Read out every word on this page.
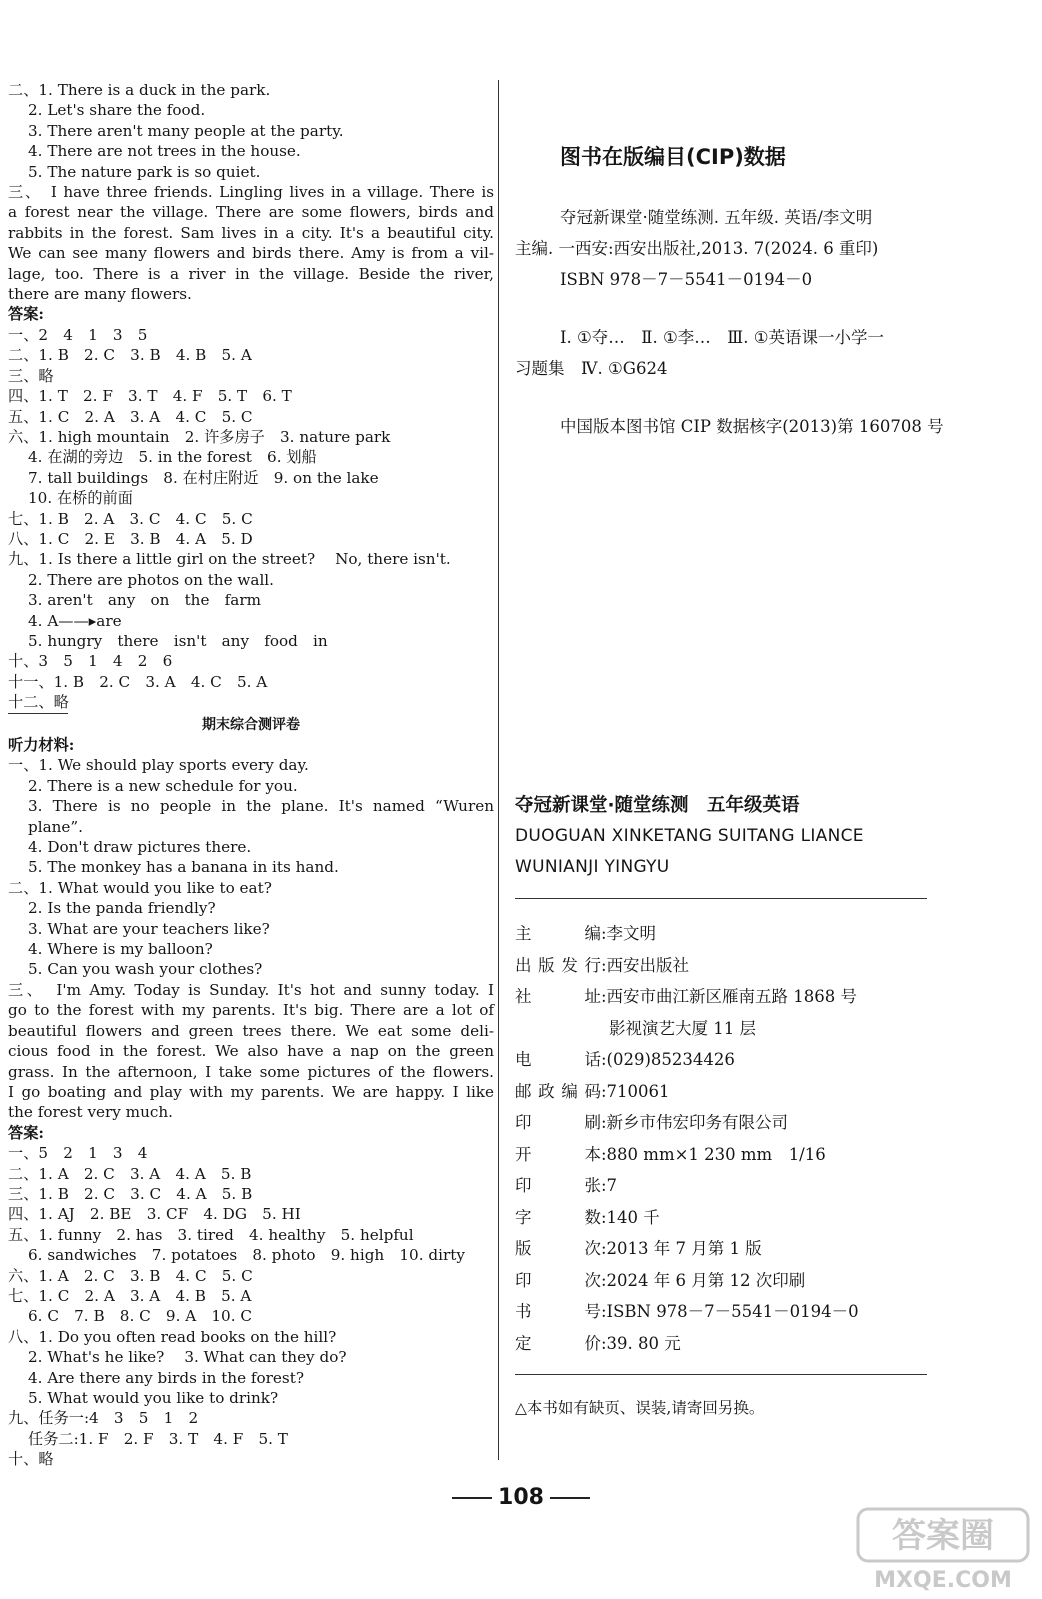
二、1. There is a duck in the park.
2. Let's share the food.
3. There aren't many people at the party.
4. There are not trees in the house.
5. The nature park is so quiet.
三、　I have three friends. Lingling lives in a village. There is
a forest near the village. There are some flowers, birds and
rabbits in the forest. Sam lives in a city. It's a beautiful city.
We can see many flowers and birds there. Amy is from a vil-
lage, too. There is a river in the village. Beside the river,
there are many flowers.
答案:
一、2　4　1　3　5
二、1. B　2. C　3. B　4. B　5. A
三、略
四、1. T　2. F　3. T　4. F　5. T　6. T
五、1. C　2. A　3. A　4. C　5. C
六、1. high mountain　2. 许多房子　3. nature park
4. 在湖的旁边　5. in the forest　6. 划船
7. tall buildings　8. 在村庄附近　9. on the lake
10. 在桥的前面
七、1. B　2. A　3. C　4. C　5. C
八、1. C　2. E　3. B　4. A　5. D
九、1. Is there a little girl on the street?　 No, there isn't.
2. There are photos on the wall.
3. aren't　any　on　the　farm
4. A——▸are
5. hungry　there　isn't　any　food　in
十、3　5　1　4　2　6
十一、1. B　2. C　3. A　4. C　5. A
十二、略
期末综合测评卷
听力材料:
一、1. We should play sports every day.
2. There is a new schedule for you.
3. There is no people in the plane. It's named “Wuren
plane”.
4. Don't draw pictures there.
5. The monkey has a banana in its hand.
二、1. What would you like to eat?
2. Is the panda friendly?
3. What are your teachers like?
4. Where is my balloon?
5. Can you wash your clothes?
三、　I'm Amy. Today is Sunday. It's hot and sunny today. I
go to the forest with my parents. It's big. There are a lot of
beautiful flowers and green trees there. We eat some deli-
cious food in the forest. We also have a nap on the green
grass. In the afternoon, I take some pictures of the flowers.
I go boating and play with my parents. We are happy. I like
the forest very much.
答案:
一、5　2　1　3　4
二、1. A　2. C　3. A　4. A　5. B
三、1. B　2. C　3. C　4. A　5. B
四、1. AJ　2. BE　3. CF　4. DG　5. HI
五、1. funny　2. has　3. tired　4. healthy　5. helpful
6. sandwiches　7. potatoes　8. photo　9. high　10. dirty
六、1. A　2. C　3. B　4. C　5. C
七、1. C　2. A　3. A　4. B　5. A
6. C　7. B　8. C　9. A　10. C
八、1. Do you often read books on the hill?
2. What's he like?　 3. What can they do?
4. Are there any birds in the forest?
5. What would you like to drink?
九、任务一:4　3　5　1　2
任务二:1. F　2. F　3. T　4. F　5. T
十、略
图书在版编目(CIP)数据
夺冠新课堂·随堂练测. 五年级. 英语/李文明
主编. 一西安:西安出版社,2013. 7(2024. 6 重印)
ISBN 978－7－5541－0194－0
Ⅰ. ①夺…　Ⅱ. ①李…　Ⅲ. ①英语课一小学一
习题集　Ⅳ. ①G624
中国版本图书馆 CIP 数据核字(2013)第 160708 号
夺冠新课堂·随堂练测　五年级英语
DUOGUAN XINKETANG SUITANG LIANCE
WUNIANJI YINGYU
主　　编:李文明
出版发行:西安出版社
社　　址:西安市曲江新区雁南五路 1868 号
影视演艺大厦 11 层
电　　话:(029)85234426
邮政编码:710061
印　　刷:新乡市伟宏印务有限公司
开　　本:880 mm×1 230 mm　1/16
印　　张:7
字　　数:140 千
版　　次:2013 年 7 月第 1 版
印　　次:2024 年 6 月第 12 次印刷
书　　号:ISBN 978－7－5541－0194－0
定　　价:39. 80 元
△本书如有缺页、误装,请寄回另换。
108
答案圈
MXQE.COM
